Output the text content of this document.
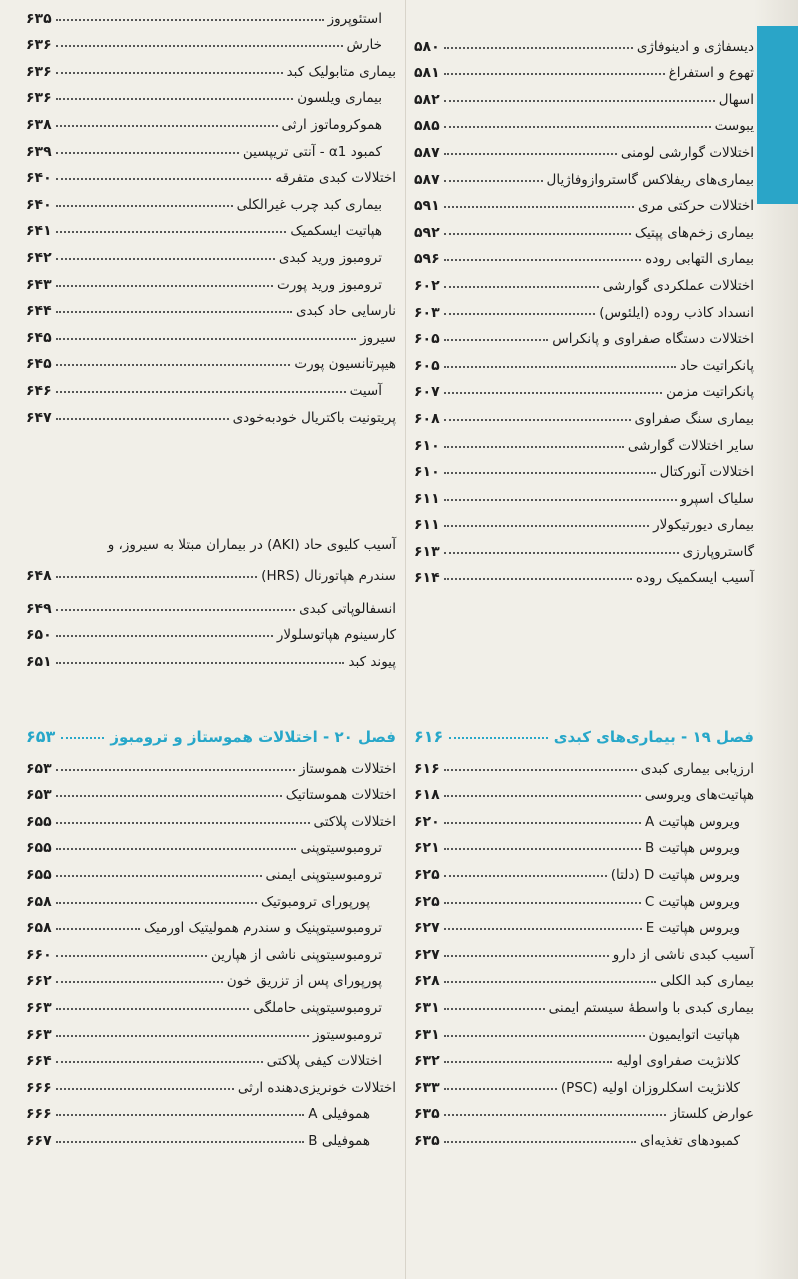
دیسفاژی و ادینوفاژی
۵۸۰
تهوع و استفراغ
۵۸۱
اسهال
۵۸۲
یبوست
۵۸۵
اختلالات گوارشی لومنی
۵۸۷
بیماری‌های ریفلاکس گاستروازوفاژیال
۵۸۷
اختلالات حرکتی مری
۵۹۱
بیماری زخم‌های پپتیک
۵۹۲
بیماری التهابی روده
۵۹۶
اختلالات عملکردی گوارشی
۶۰۲
انسداد کاذب روده (ایلئوس)
۶۰۳
اختلالات دستگاه صفراوی و پانکراس
۶۰۵
پانکراتیت حاد
۶۰۵
پانکراتیت مزمن
۶۰۷
بیماری سنگ صفراوی
۶۰۸
سایر اختلالات گوارشی
۶۱۰
اختلالات آنورکتال
۶۱۰
سلیاک اسپرو
۶۱۱
بیماری دیورتیکولار
۶۱۱
گاستروپارزی
۶۱۳
آسیب ایسکمیک روده
۶۱۴
فصل ۱۹ - بیماری‌های کبدی
۶۱۶
ارزیابی بیماری کبدی
۶۱۶
هپاتیت‌های ویروسی
۶۱۸
ویروس هپاتیت A
۶۲۰
ویروس هپاتیت B
۶۲۱
ویروس هپاتیت D (دلتا)
۶۲۵
ویروس هپاتیت C
۶۲۵
ویروس هپاتیت E
۶۲۷
آسیب کبدی ناشی از دارو
۶۲۷
بیماری کبد الکلی
۶۲۸
بیماری کبدی با واسطهٔ سیستم ایمنی
۶۳۱
هپاتیت اتوایمیون
۶۳۱
کلانژیت صفراوی اولیه
۶۳۲
کلانژیت اسکلروزان اولیه (PSC)
۶۳۳
عوارض کلستاز
۶۳۵
کمبودهای تغذیه‌ای
۶۳۵
استئوپروز
۶۳۵
خارش
۶۳۶
بیماری متابولیک کبد
۶۳۶
بیماری ویلسون
۶۳۶
هموکروماتوز ارثی
۶۳۸
کمبود α1 - آنتی تریپسین
۶۳۹
اختلالات کبدی متفرقه
۶۴۰
بیماری کبد چرب غیرالکلی
۶۴۰
هپاتیت ایسکمیک
۶۴۱
ترومبوز ورید کبدی
۶۴۲
ترومبوز ورید پورت
۶۴۳
نارسایی حاد کبدی
۶۴۴
سیروز
۶۴۵
هیپرتانسیون پورت
۶۴۵
آسیت
۶۴۶
پریتونیت باکتریال خودبه‌خودی
۶۴۷
آسیب کلیوی حاد (AKI) در بیماران مبتلا به سیروز، و
سندرم هپاتورنال (HRS)
۶۴۸
انسفالوپاتی کبدی
۶۴۹
کارسینوم هپاتوسلولار
۶۵۰
پیوند کبد
۶۵۱
فصل ۲۰ - اختلالات هموستاز و ترومبوز
۶۵۳
اختلالات هموستاز
۶۵۳
اختلالات هموستاتیک
۶۵۳
اختلالات پلاکتی
۶۵۵
ترومبوسیتوپنی
۶۵۵
ترومبوسیتوپنی ایمنی
۶۵۵
پورپورای ترومبوتیک
۶۵۸
ترومبوسیتوپنیک و سندرم همولیتیک اورمیک
۶۵۸
ترومبوسیتوپنی ناشی از هپارین
۶۶۰
پورپورای پس از تزریق خون
۶۶۲
ترومبوسیتوپنی حاملگی
۶۶۳
ترومبوسیتوز
۶۶۳
اختلالات کیفی پلاکتی
۶۶۴
اختلالات خونریزی‌دهنده ارثی
۶۶۶
هموفیلی A
۶۶۶
هموفیلی B
۶۶۷
